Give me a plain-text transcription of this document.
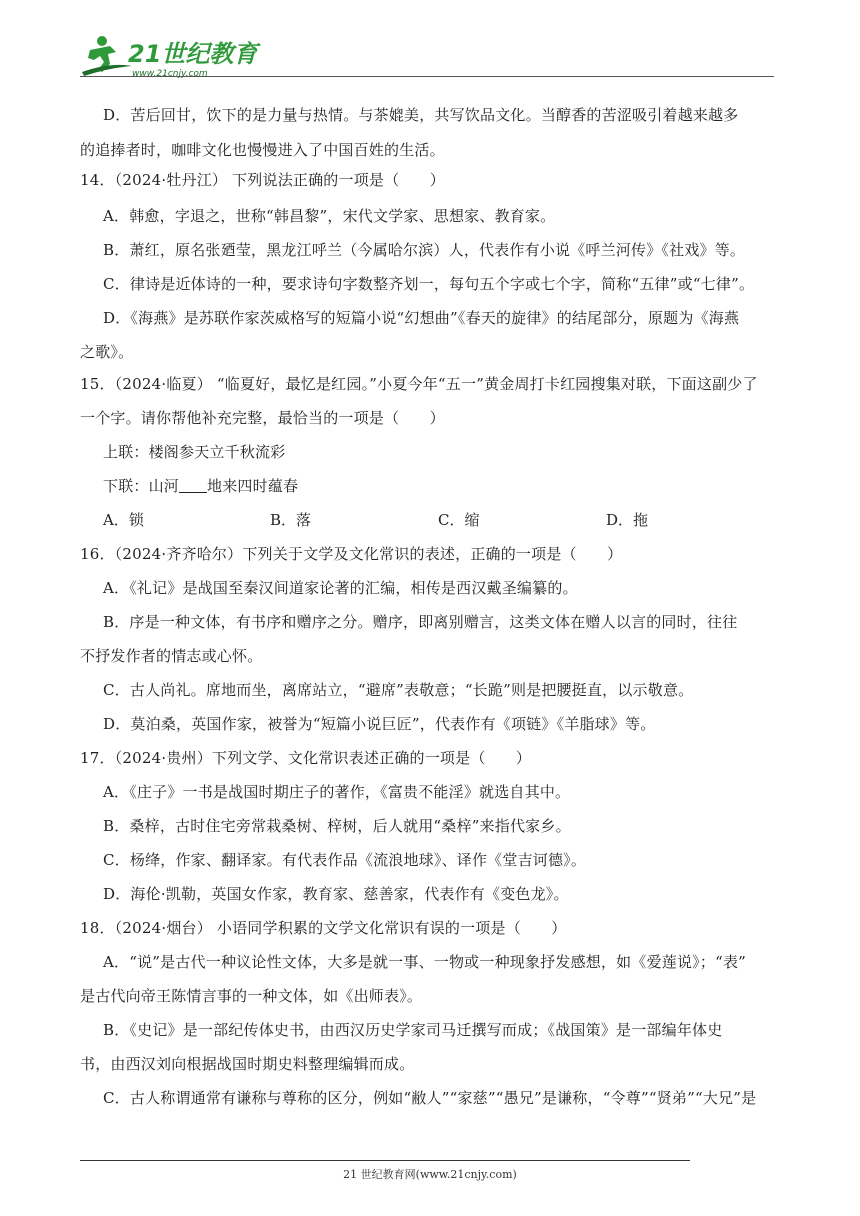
21世纪教育
www.21cnjy.com
D．苦后回甘，饮下的是力量与热情。与茶媲美，共写饮品文化。当醇香的苦涩吸引着越来越多
的追捧者时，咖啡文化也慢慢进入了中国百姓的生活。
14．（2024·牡丹江） 下列说法正确的一项是（　　）
A．韩愈，字退之，世称“韩昌黎”，宋代文学家、思想家、教育家。
B．萧红，原名张廼莹，黑龙江呼兰（今属哈尔滨）人，代表作有小说《呼兰河传》《社戏》等。
C．律诗是近体诗的一种，要求诗句字数整齐划一，每句五个字或七个字，简称“五律”或“七律”。
D．《海燕》是苏联作家茨威格写的短篇小说“幻想曲”《春天的旋律》的结尾部分，原题为《海燕
之歌》。
15．（2024·临夏） “临夏好，最忆是红园。”小夏今年“五一”黄金周打卡红园搜集对联，下面这副少了
一个字。请你帮他补充完整，最恰当的一项是（　　）
上联：楼阁参天立千秋流彩
16．（2024·齐齐哈尔）下列关于文学及文化常识的表述，正确的一项是（　　）
A．《礼记》是战国至秦汉间道家论著的汇编，相传是西汉戴圣编纂的。
B．序是一种文体，有书序和赠序之分。赠序，即离别赠言，这类文体在赠人以言的同时，往往
不抒发作者的情志或心怀。
C．古人尚礼。席地而坐，离席站立，“避席”表敬意；“长跪”则是把腰挺直，以示敬意。
D．莫泊桑，英国作家，被誉为“短篇小说巨匠”，代表作有《项链》《羊脂球》等。
17．（2024·贵州）下列文学、文化常识表述正确的一项是（　　）
A．《庄子》一书是战国时期庄子的著作，《富贵不能淫》就选自其中。
B．桑梓，古时住宅旁常栽桑树、梓树，后人就用“桑梓”来指代家乡。
C．杨绛，作家、翻译家。有代表作品《流浪地球》、译作《堂吉诃德》。
D．海伦·凯勒，英国女作家，教育家、慈善家，代表作有《变色龙》。
18．（2024·烟台） 小语同学积累的文学文化常识有误的一项是（　　）
A．“说”是古代一种议论性文体，大多是就一事、一物或一种现象抒发感想，如《爱莲说》；“表”
是古代向帝王陈情言事的一种文体，如《出师表》。
B．《史记》是一部纪传体史书，由西汉历史学家司马迁撰写而成；《战国策》是一部编年体史
书，由西汉刘向根据战国时期史料整理编辑而成。
C．古人称谓通常有谦称与尊称的区分，例如“敝人”“家慈”“愚兄”是谦称，“令尊”“贤弟”“大兄”是
下联：山河 地来四时蕴春
A．锁	B．落	C．缩	D．拖
21 世纪教育网(www.21cnjy.com)
